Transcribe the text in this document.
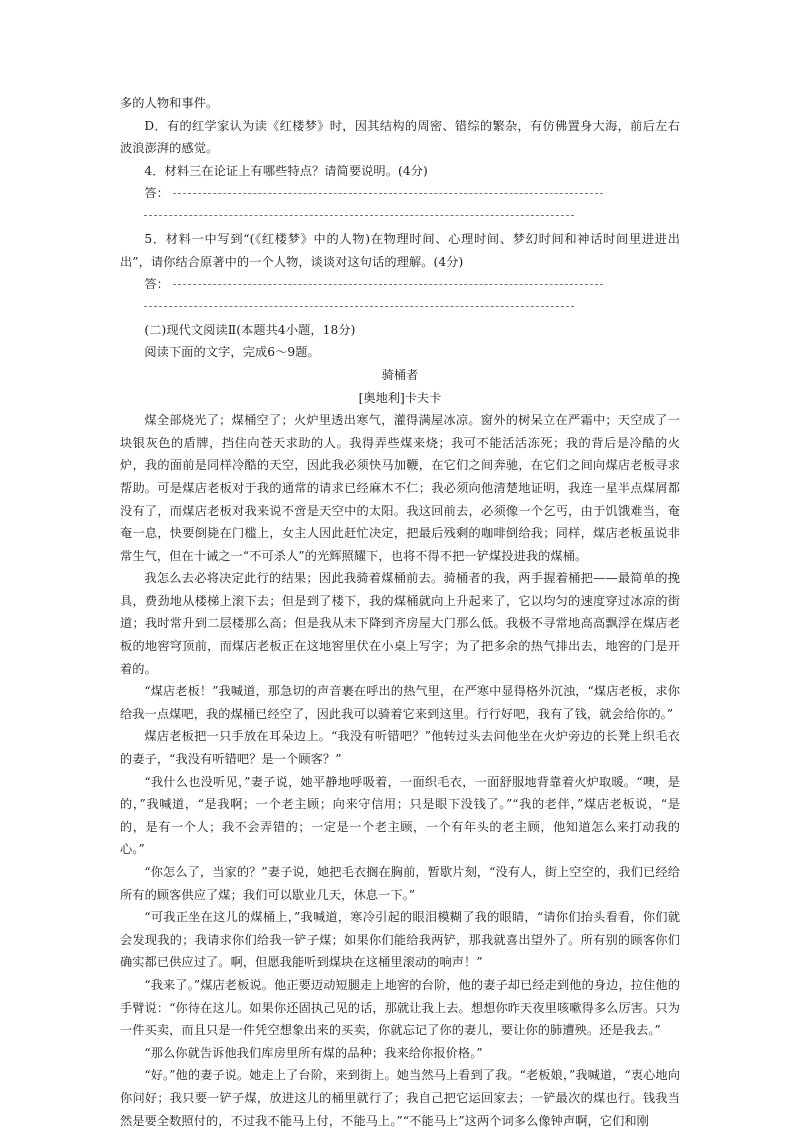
多的人物和事件。

D．有的红学家认为读《红楼梦》时，因其结构的周密、错综的繁杂，有仿佛置身大海，前后左右波浪澎湃的感觉。

4．材料三在论证上有哪些特点？请简要说明。(4分)

答：

5．材料一中写到“(《红楼梦》中的人物)在物理时间、心理时间、梦幻时间和神话时间里进进出出”，请你结合原著中的一个人物，谈谈对这句话的理解。(4分)

答：

(二)现代文阅读Ⅱ(本题共4小题，18分)

阅读下面的文字，完成6～9题。

骑桶者

[奥地利]卡夫卡

煤全部烧光了；煤桶空了；火炉里透出寒气，灌得满屋冰凉。窗外的树呆立在严霜中；天空成了一块银灰色的盾牌，挡住向苍天求助的人。我得弄些煤来烧；我可不能活活冻死；我的背后是冷酷的火炉，我的面前是同样冷酷的天空，因此我必须快马加鞭，在它们之间奔驰，在它们之间向煤店老板寻求帮助。可是煤店老板对于我的通常的请求已经麻木不仁；我必须向他清楚地证明，我连一星半点煤屑都没有了，而煤店老板对我来说不啻是天空中的太阳。我这回前去，必须像一个乞丐，由于饥饿难当，奄奄一息，快要倒毙在门槛上，女主人因此赶忙决定，把最后残剩的咖啡倒给我；同样，煤店老板虽说非常生气，但在十诫之一“不可杀人”的光辉照耀下，也将不得不把一铲煤投进我的煤桶。

我怎么去必将决定此行的结果；因此我骑着煤桶前去。骑桶者的我，两手握着桶把——最简单的挽具，费劲地从楼梯上滚下去；但是到了楼下，我的煤桶就向上升起来了，它以均匀的速度穿过冰凉的街道；我时常升到二层楼那么高；但是我从未下降到齐房屋大门那么低。我极不寻常地高高飘浮在煤店老板的地窖穹顶前，而煤店老板正在这地窖里伏在小桌上写字；为了把多余的热气排出去，地窖的门是开着的。

“煤店老板！”我喊道，那急切的声音裹在呼出的热气里，在严寒中显得格外沉浊，“煤店老板，求你给我一点煤吧，我的煤桶已经空了，因此我可以骑着它来到这里。行行好吧，我有了钱，就会给你的。”

煤店老板把一只手放在耳朵边上。“我没有听错吧？”他转过头去问他坐在火炉旁边的长凳上织毛衣的妻子，“我没有听错吧？是一个顾客？”

“我什么也没听见，”妻子说，她平静地呼吸着，一面织毛衣，一面舒服地背靠着火炉取暖。“噢，是的，”我喊道，“是我啊；一个老主顾；向来守信用；只是眼下没钱了。”“我的老伴，”煤店老板说，“是的，是有一个人；我不会弄错的；一定是一个老主顾，一个有年头的老主顾，他知道怎么来打动我的心。”

“你怎么了，当家的？”妻子说，她把毛衣搁在胸前，暂歇片刻，“没有人，街上空空的，我们已经给所有的顾客供应了煤；我们可以歇业几天，休息一下。”

“可我正坐在这儿的煤桶上，”我喊道，寒冷引起的眼泪模糊了我的眼睛，“请你们抬头看看，你们就会发现我的；我请求你们给我一铲子煤；如果你们能给我两铲，那我就喜出望外了。所有别的顾客你们确实都已供应过了。啊，但愿我能听到煤块在这桶里滚动的响声！”

“我来了。”煤店老板说。他正要迈动短腿走上地窖的台阶，他的妻子却已经走到他的身边，拉住他的手臂说：“你待在这儿。如果你还固执己见的话，那就让我上去。想想你昨天夜里咳嗽得多么厉害。只为一件买卖，而且只是一件凭空想象出来的买卖，你就忘记了你的妻儿，要让你的肺遭殃。还是我去。”

“那么你就告诉他我们库房里所有煤的品种；我来给你报价格。”

“好。”他的妻子说。她走上了台阶，来到街上。她当然马上看到了我。“老板娘，”我喊道，“衷心地向你问好；我只要一铲子煤，放进这儿的桶里就行了；我自己把它运回家去；一铲最次的煤也行。钱我当然是要全数照付的，不过我不能马上付，不能马上。”“不能马上”这两个词多么像钟声啊，它们和刚
